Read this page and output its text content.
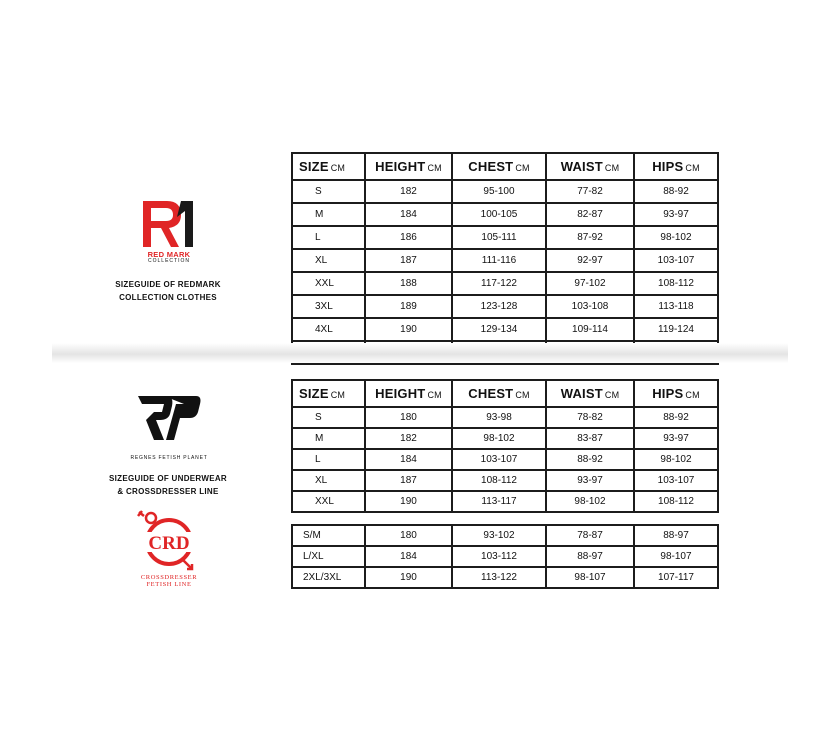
RED MARK
COLLECTION
SIZEGUIDE OF REDMARK
COLLECTION CLOTHES
SIZE CM	HEIGHT CM	CHEST CM	WAIST CM	HIPS CM
S	182	95-100	77-82	88-92
M	184	100-105	82-87	93-97
L	186	105-111	87-92	98-102
XL	187	111-116	92-97	103-107
XXL	188	117-122	97-102	108-112
3XL	189	123-128	103-108	113-118
4XL	190	129-134	109-114	119-124

REGNES FETISH PLANET
SIZEGUIDE OF UNDERWEAR
& CROSSDRESSER LINE
SIZE CM	HEIGHT CM	CHEST CM	WAIST CM	HIPS CM
S	180	93-98	78-82	88-92
M	182	98-102	83-87	93-97
L	184	103-107	88-92	98-102
XL	187	108-112	93-97	103-107
XXL	190	113-117	98-102	108-112
CRD
CROSSDRESSER
FETISH LINE
S/M	180	93-102	78-87	88-97
L/XL	184	103-112	88-97	98-107
2XL/3XL	190	113-122	98-107	107-117
